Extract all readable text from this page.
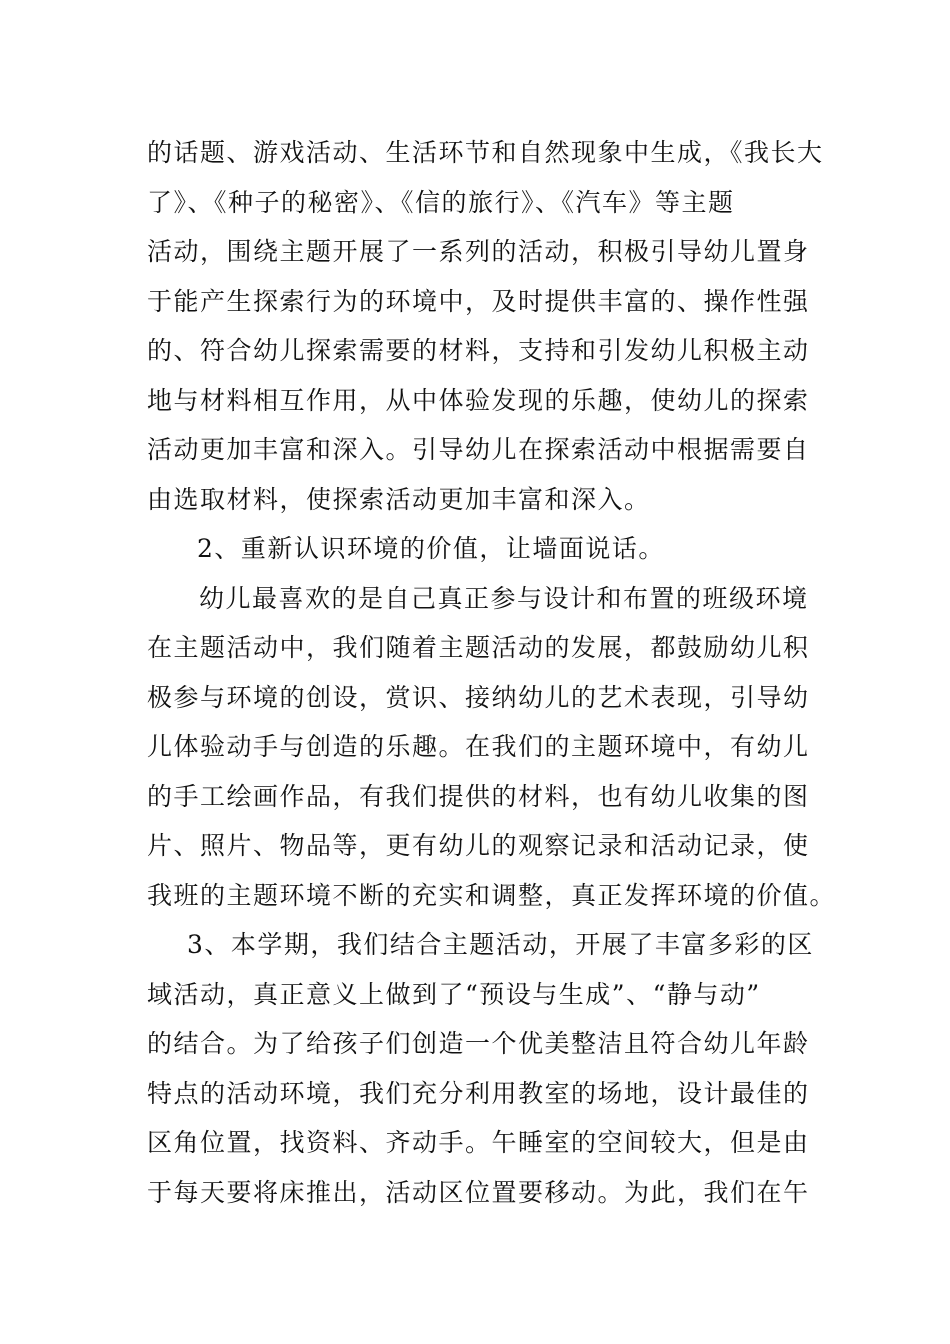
的话题、游戏活动、生活环节和自然现象中生成，《我长大
了》、《种子的秘密》、《信的旅行》、《汽车》等主题
活动，围绕主题开展了一系列的活动，积极引导幼儿置身
于能产生探索行为的环境中，及时提供丰富的、操作性强
的、符合幼儿探索需要的材料，支持和引发幼儿积极主动
地与材料相互作用，从中体验发现的乐趣，使幼儿的探索
活动更加丰富和深入。引导幼儿在探索活动中根据需要自
由选取材料，使探索活动更加丰富和深入。
2、重新认识环境的价值，让墙面说话。
幼儿最喜欢的是自己真正参与设计和布置的班级环境
在主题活动中，我们随着主题活动的发展，都鼓励幼儿积
极参与环境的创设，赏识、接纳幼儿的艺术表现，引导幼
儿体验动手与创造的乐趣。在我们的主题环境中，有幼儿
的手工绘画作品，有我们提供的材料，也有幼儿收集的图
片、照片、物品等，更有幼儿的观察记录和活动记录，使
我班的主题环境不断的充实和调整，真正发挥环境的价值。
3、本学期，我们结合主题活动，开展了丰富多彩的区
域活动，真正意义上做到了“预设与生成”、“静与动”
的结合。为了给孩子们创造一个优美整洁且符合幼儿年龄
特点的活动环境，我们充分利用教室的场地，设计最佳的
区角位置，找资料、齐动手。午睡室的空间较大，但是由
于每天要将床推出，活动区位置要移动。为此，我们在午
